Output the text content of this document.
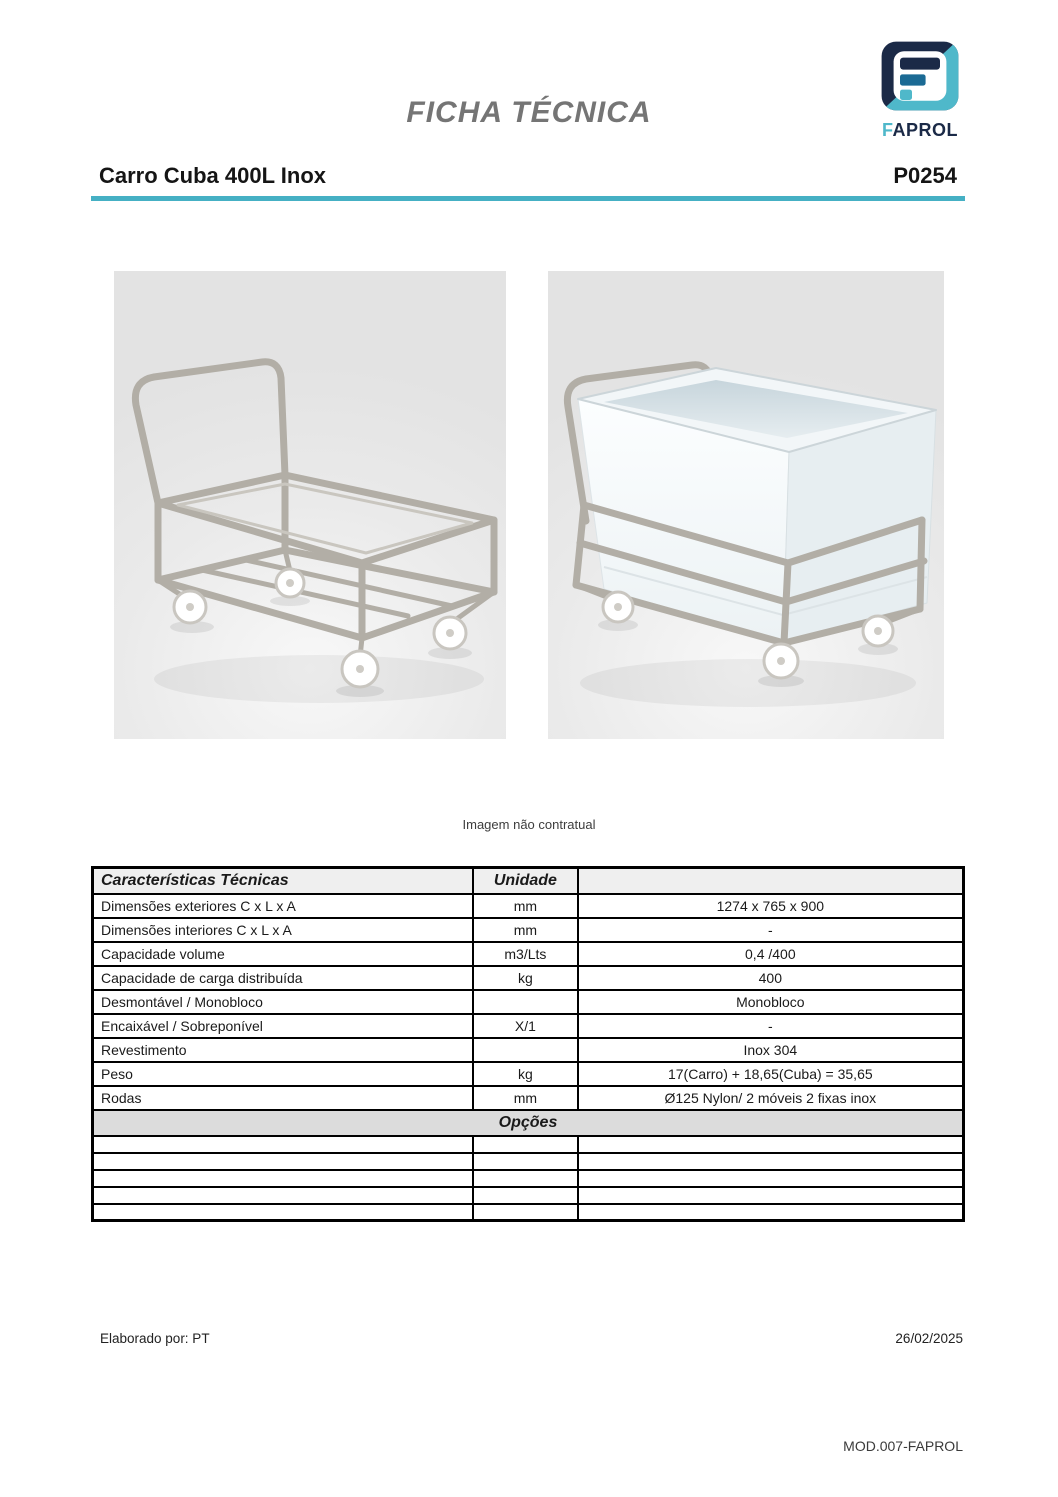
FAPROL
FICHA TÉCNICA
Carro Cuba 400L Inox	P0254
Imagem não contratual
Características Técnicas	Unidade	
Dimensões exteriores C x L x A	mm	1274 x 765 x 900
Dimensões interiores C x L x A	mm	-
Capacidade volume	m3/Lts	0,4 /400
Capacidade de carga distribuída	kg	400
Desmontável / Monobloco		Monobloco
Encaixável / Sobreponível	X/1	-
Revestimento		Inox 304
Peso	kg	17(Carro) + 18,65(Cuba) = 35,65
Rodas	mm	Ø125 Nylon/ 2 móveis 2 fixas inox
Opções		

Elaborado por: PT	26/02/2025
MOD.007-FAPROL
